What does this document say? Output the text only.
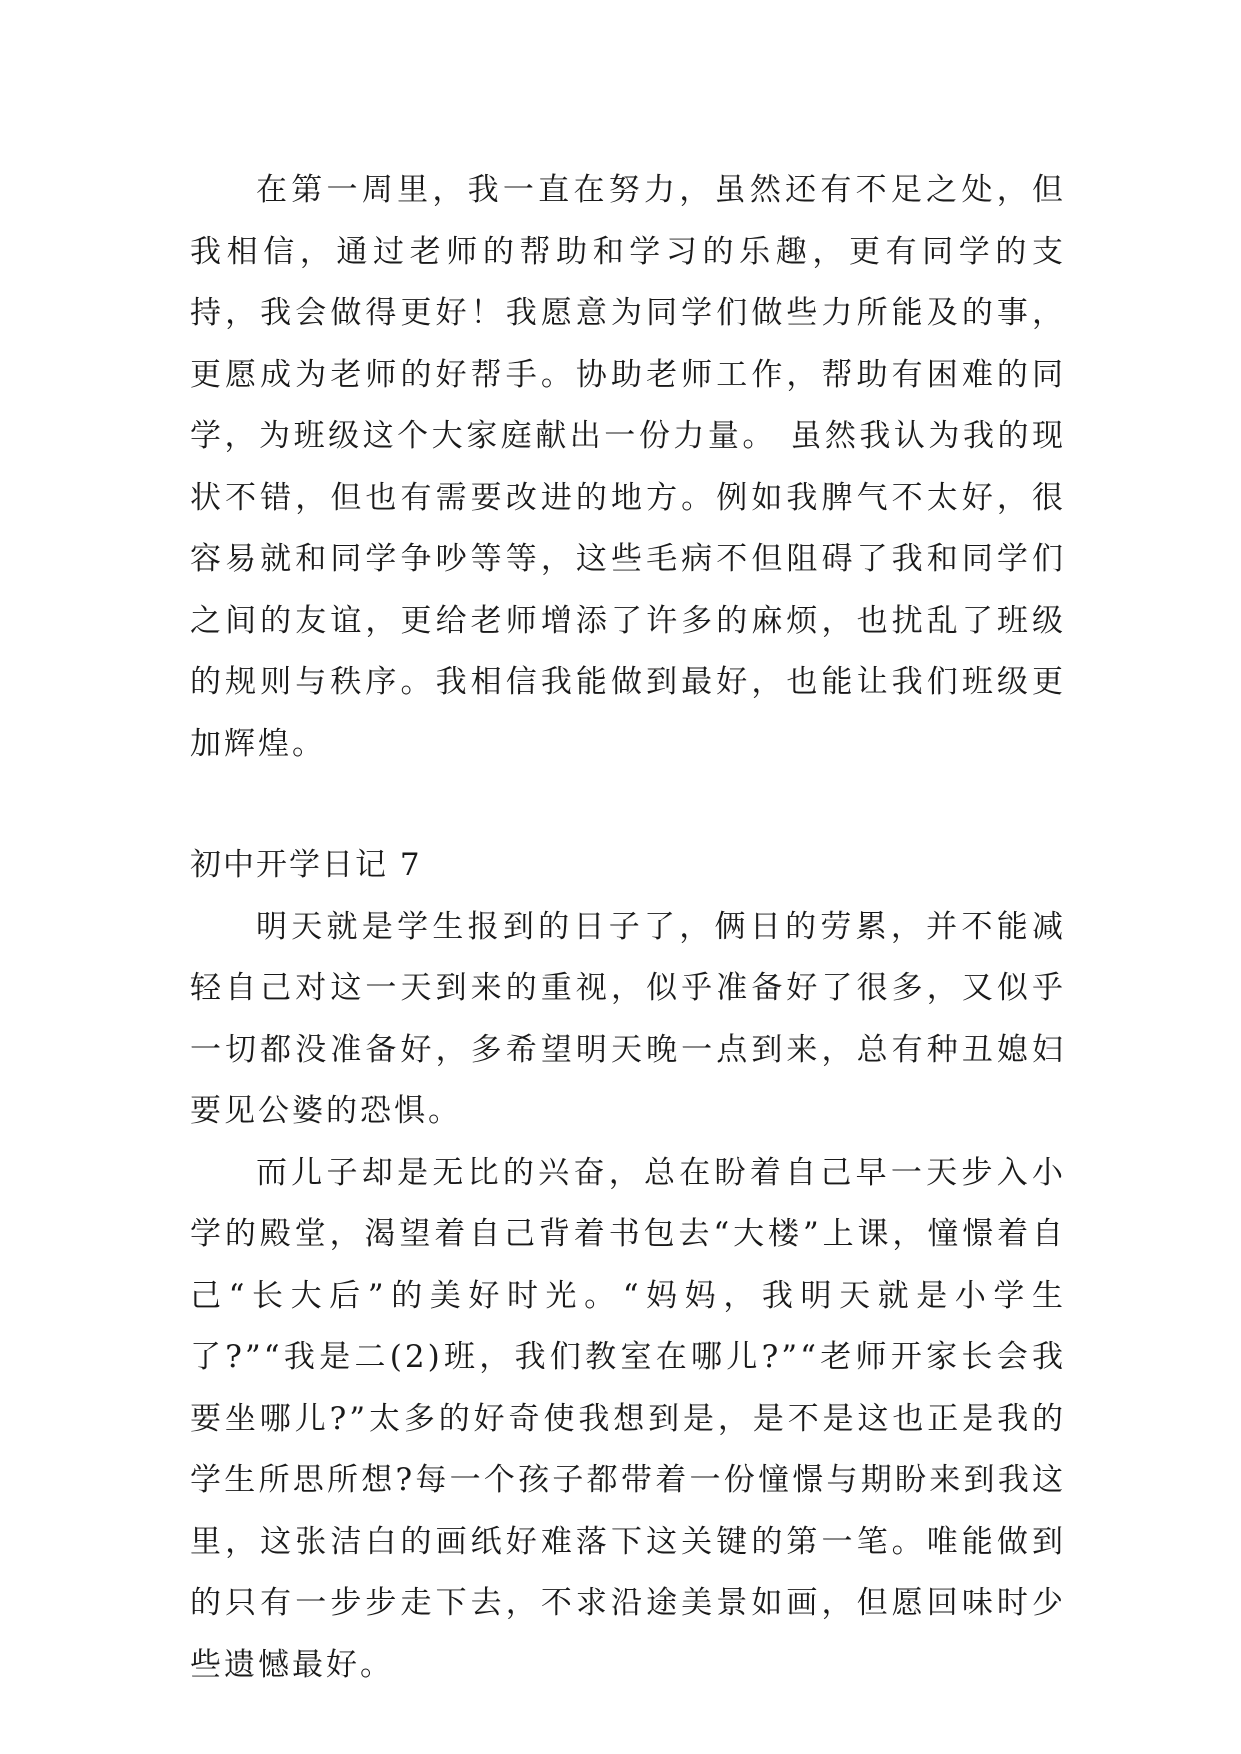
在第一周里，我一直在努力，虽然还有不足之处，但我相信，通过老师的帮助和学习的乐趣，更有同学的支持，我会做得更好！我愿意为同学们做些力所能及的事，更愿成为老师的好帮手。协助老师工作，帮助有困难的同学，为班级这个大家庭献出一份力量。 虽然我认为我的现状不错，但也有需要改进的地方。例如我脾气不太好，很容易就和同学争吵等等，这些毛病不但阻碍了我和同学们之间的友谊，更给老师增添了许多的麻烦，也扰乱了班级的规则与秩序。我相信我能做到最好，也能让我们班级更加辉煌。

初中开学日记 7

明天就是学生报到的日子了，俩日的劳累，并不能减轻自己对这一天到来的重视，似乎准备好了很多，又似乎一切都没准备好，多希望明天晚一点到来，总有种丑媳妇要见公婆的恐惧。

而儿子却是无比的兴奋，总在盼着自己早一天步入小学的殿堂，渴望着自己背着书包去“大楼”上课，憧憬着自己“长大后”的美好时光。“妈妈，我明天就是小学生了?”“我是二(2)班，我们教室在哪儿?”“老师开家长会我要坐哪儿?”太多的好奇使我想到是，是不是这也正是我的学生所思所想?每一个孩子都带着一份憧憬与期盼来到我这里，这张洁白的画纸好难落下这关键的第一笔。唯能做到的只有一步步走下去，不求沿途美景如画，但愿回味时少些遗憾最好。
